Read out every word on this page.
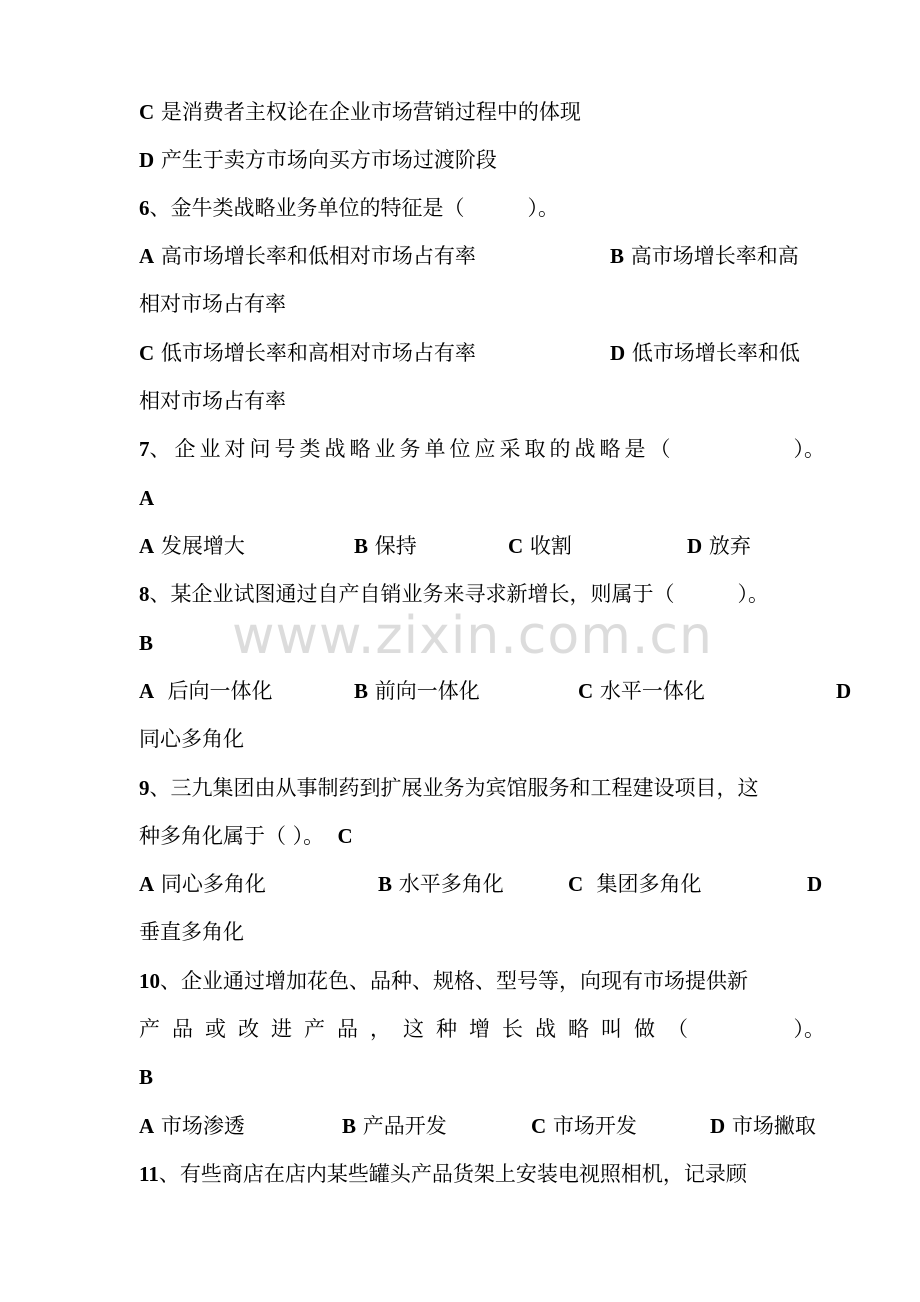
www.zixin.com.cn
C 是消费者主权论在企业市场营销过程中的体现
D 产生于卖方市场向买方市场过渡阶段
6、金牛类战略业务单位的特征是（　　　）。
A 高市场增长率和低相对市场占有率	B 高市场增长率和高
相对市场占有率
C 低市场增长率和高相对市场占有率	D 低市场增长率和低
相对市场占有率
7、企业对问号类战略业务单位应采取的战略是（	）。
A
A 发展增大	B 保持	C 收割	D 放弃
8、某企业试图通过自产自销业务来寻求新增长，则属于（　　　）。
B
A 后向一体化	B 前向一体化	C 水平一体化	D
同心多角化
9、三九集团由从事制药到扩展业务为宾馆服务和工程建设项目，这
种多角化属于（ ）。 C
A 同心多角化	B 水平多角化	C 集团多角化	D
垂直多角化
10、企业通过增加花色、品种、规格、型号等，向现有市场提供新
产品或改进产品，这种增长战略叫做（	）。
B
A 市场渗透	B 产品开发	C 市场开发	D 市场撇取
11、有些商店在店内某些罐头产品货架上安装电视照相机，记录顾
